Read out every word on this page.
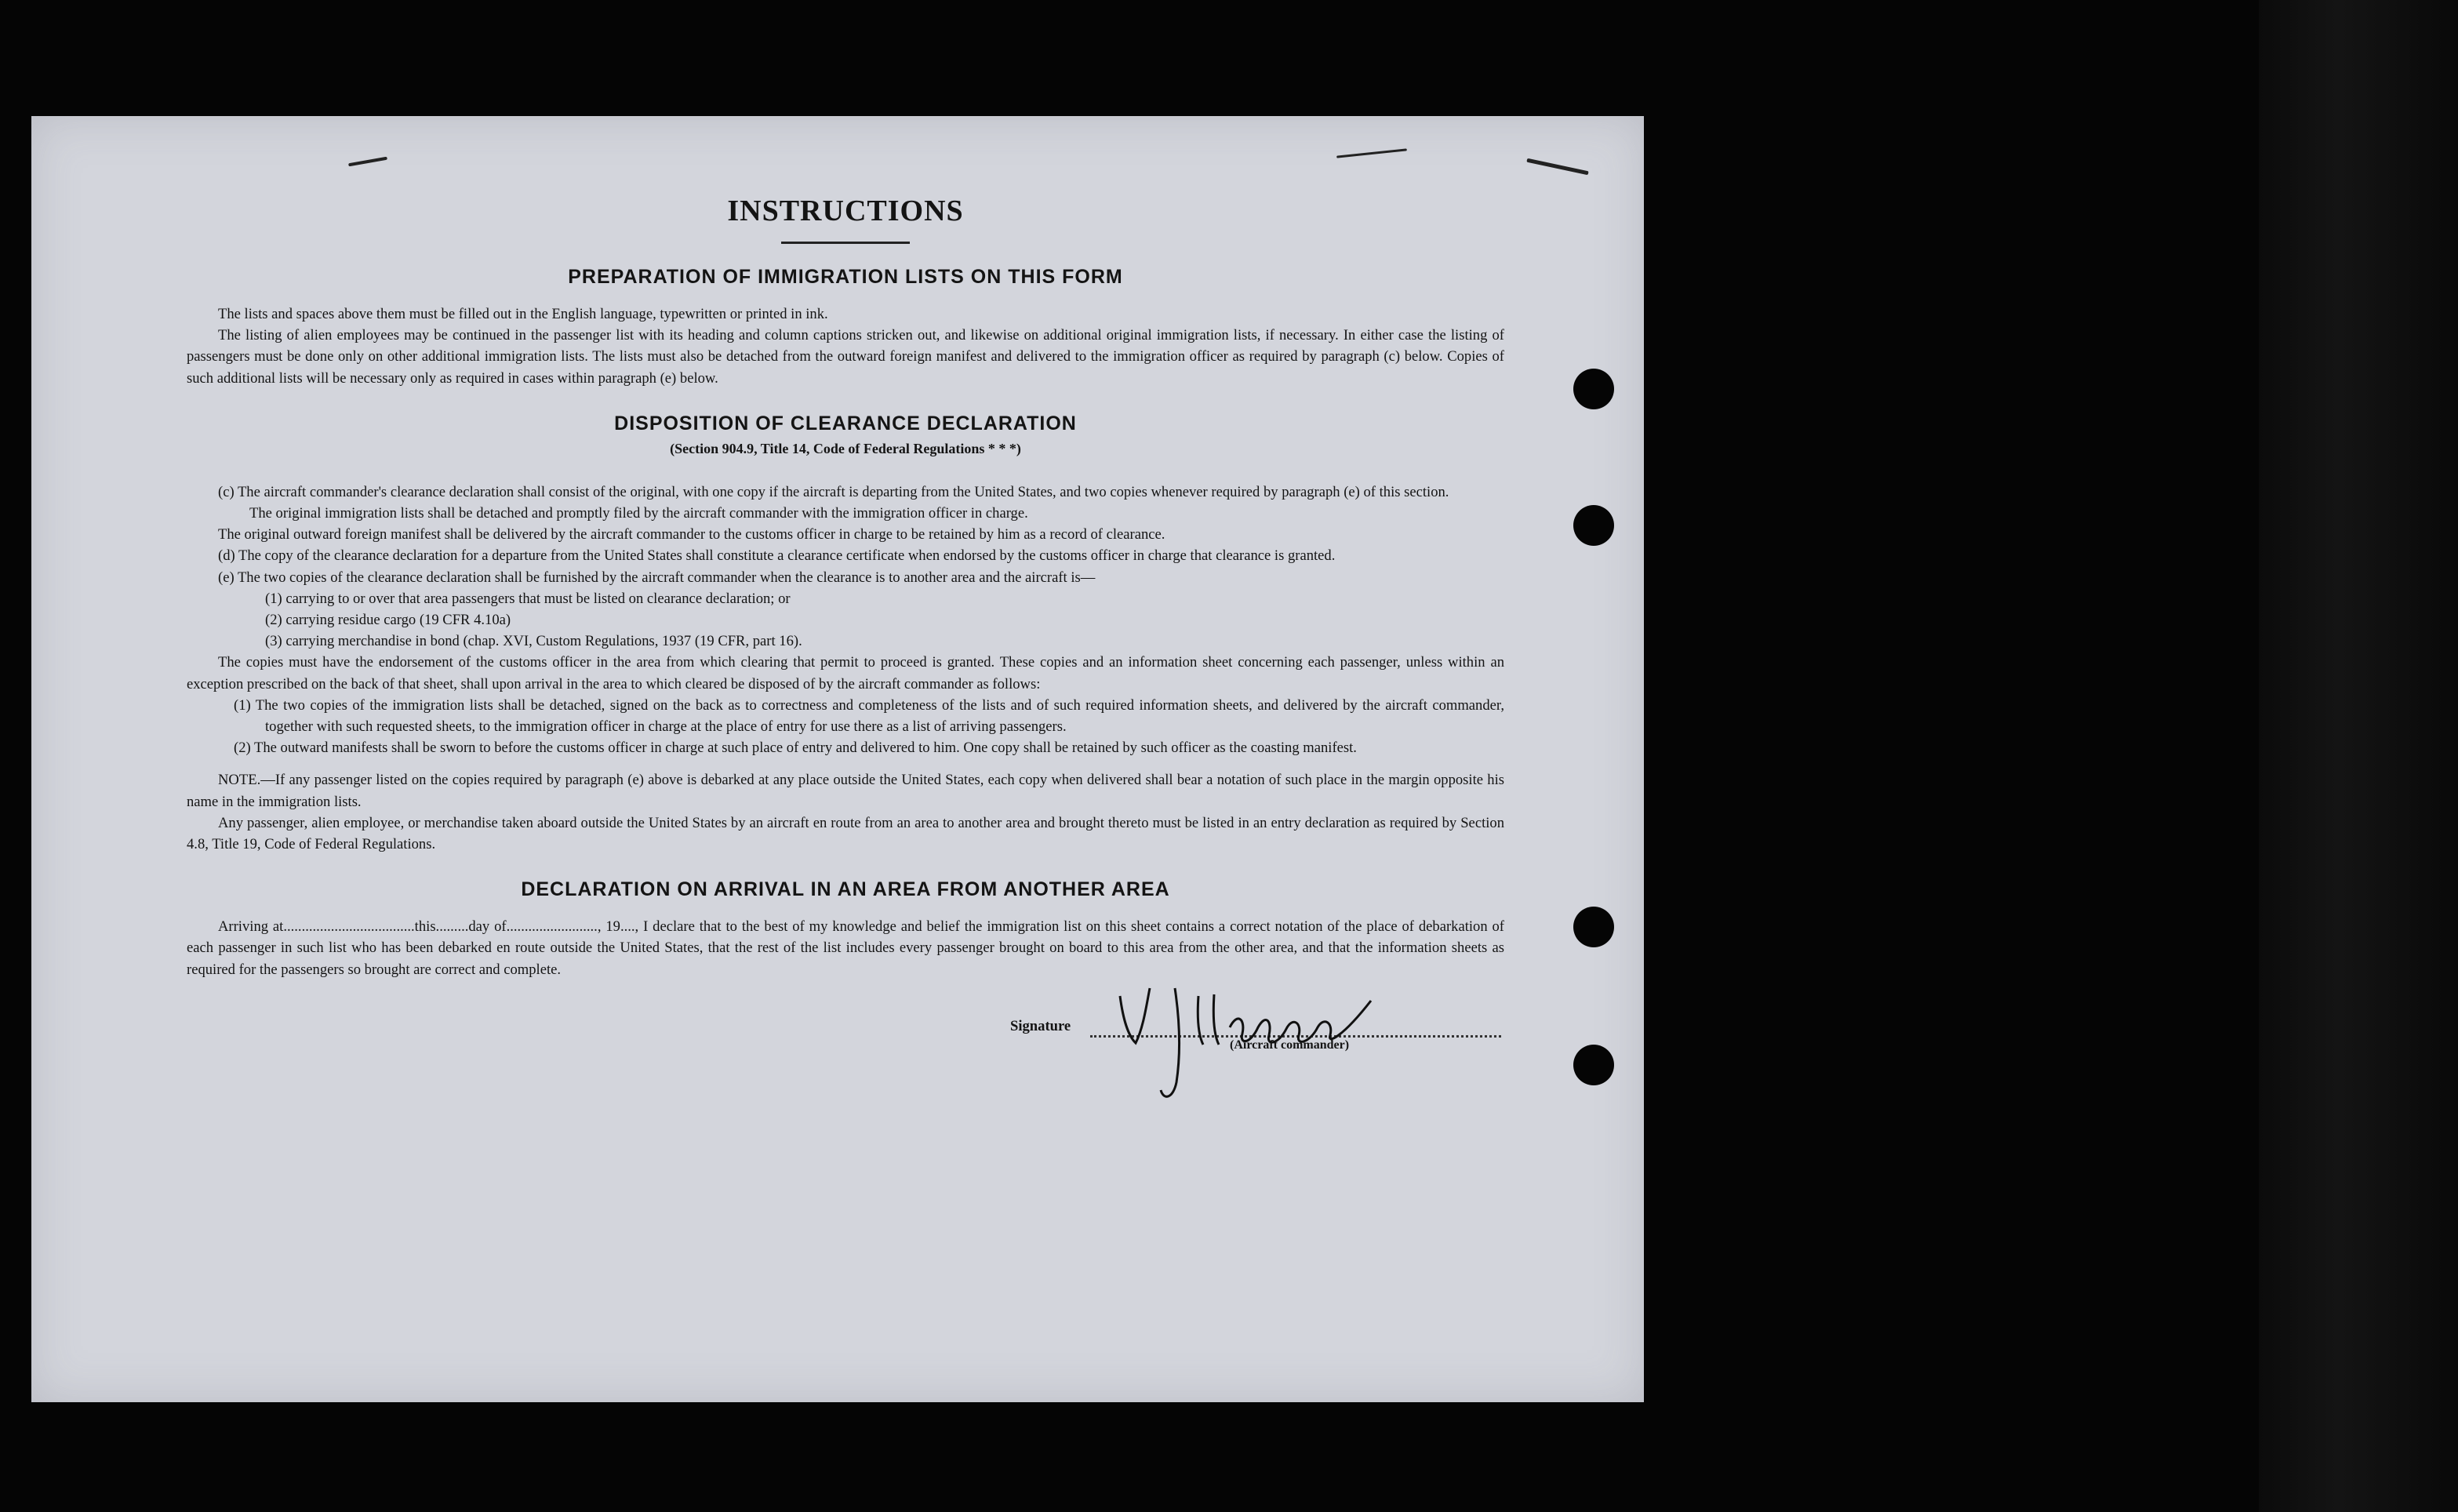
INSTRUCTIONS
PREPARATION OF IMMIGRATION LISTS ON THIS FORM

The lists and spaces above them must be filled out in the English language, typewritten or printed in ink.

The listing of alien employees may be continued in the passenger list with its heading and column captions stricken out, and likewise on additional original immigration lists, if necessary. In either case the listing of passengers must be done only on other additional immigration lists. The lists must also be detached from the outward foreign manifest and delivered to the immigration officer as required by paragraph (c) below. Copies of such additional lists will be necessary only as required in cases within paragraph (e) below.

DISPOSITION OF CLEARANCE DECLARATION

(Section 904.9, Title 14, Code of Federal Regulations * * *)

(c) The aircraft commander's clearance declaration shall consist of the original, with one copy if the aircraft is departing from the United States, and two copies whenever required by paragraph (e) of this section.

The original immigration lists shall be detached and promptly filed by the aircraft commander with the immigration officer in charge.

The original outward foreign manifest shall be delivered by the aircraft commander to the customs officer in charge to be retained by him as a record of clearance.

(d) The copy of the clearance declaration for a departure from the United States shall constitute a clearance certificate when endorsed by the customs officer in charge that clearance is granted.

(e) The two copies of the clearance declaration shall be furnished by the aircraft commander when the clearance is to another area and the aircraft is—

(1) carrying to or over that area passengers that must be listed on clearance declaration; or

(2) carrying residue cargo (19 CFR 4.10a)

(3) carrying merchandise in bond (chap. XVI, Custom Regulations, 1937 (19 CFR, part 16).

The copies must have the endorsement of the customs officer in the area from which clearing that permit to proceed is granted. These copies and an information sheet concerning each passenger, unless within an exception prescribed on the back of that sheet, shall upon arrival in the area to which cleared be disposed of by the aircraft commander as follows:

(1) The two copies of the immigration lists shall be detached, signed on the back as to correctness and completeness of the lists and of such required information sheets, and delivered by the aircraft commander, together with such requested sheets, to the immigration officer in charge at the place of entry for use there as a list of arriving passengers.

(2) The outward manifests shall be sworn to before the customs officer in charge at such place of entry and delivered to him. One copy shall be retained by such officer as the coasting manifest.

NOTE.—If any passenger listed on the copies required by paragraph (e) above is debarked at any place outside the United States, each copy when delivered shall bear a notation of such place in the margin opposite his name in the immigration lists.

Any passenger, alien employee, or merchandise taken aboard outside the United States by an aircraft en route from an area to another area and brought thereto must be listed in an entry declaration as required by Section 4.8, Title 19, Code of Federal Regulations.

DECLARATION ON ARRIVAL IN AN AREA FROM ANOTHER AREA

Arriving at....................................this.........day of........................., 19...., I declare that to the best of my knowledge and belief the immigration list on this sheet contains a correct notation of the place of debarkation of each passenger in such list who has been debarked en route outside the United States, that the rest of the list includes every passenger brought on board to this area from the other area, and that the information sheets as required for the passengers so brought are correct and complete.

Signature
(Aircraft commander)
